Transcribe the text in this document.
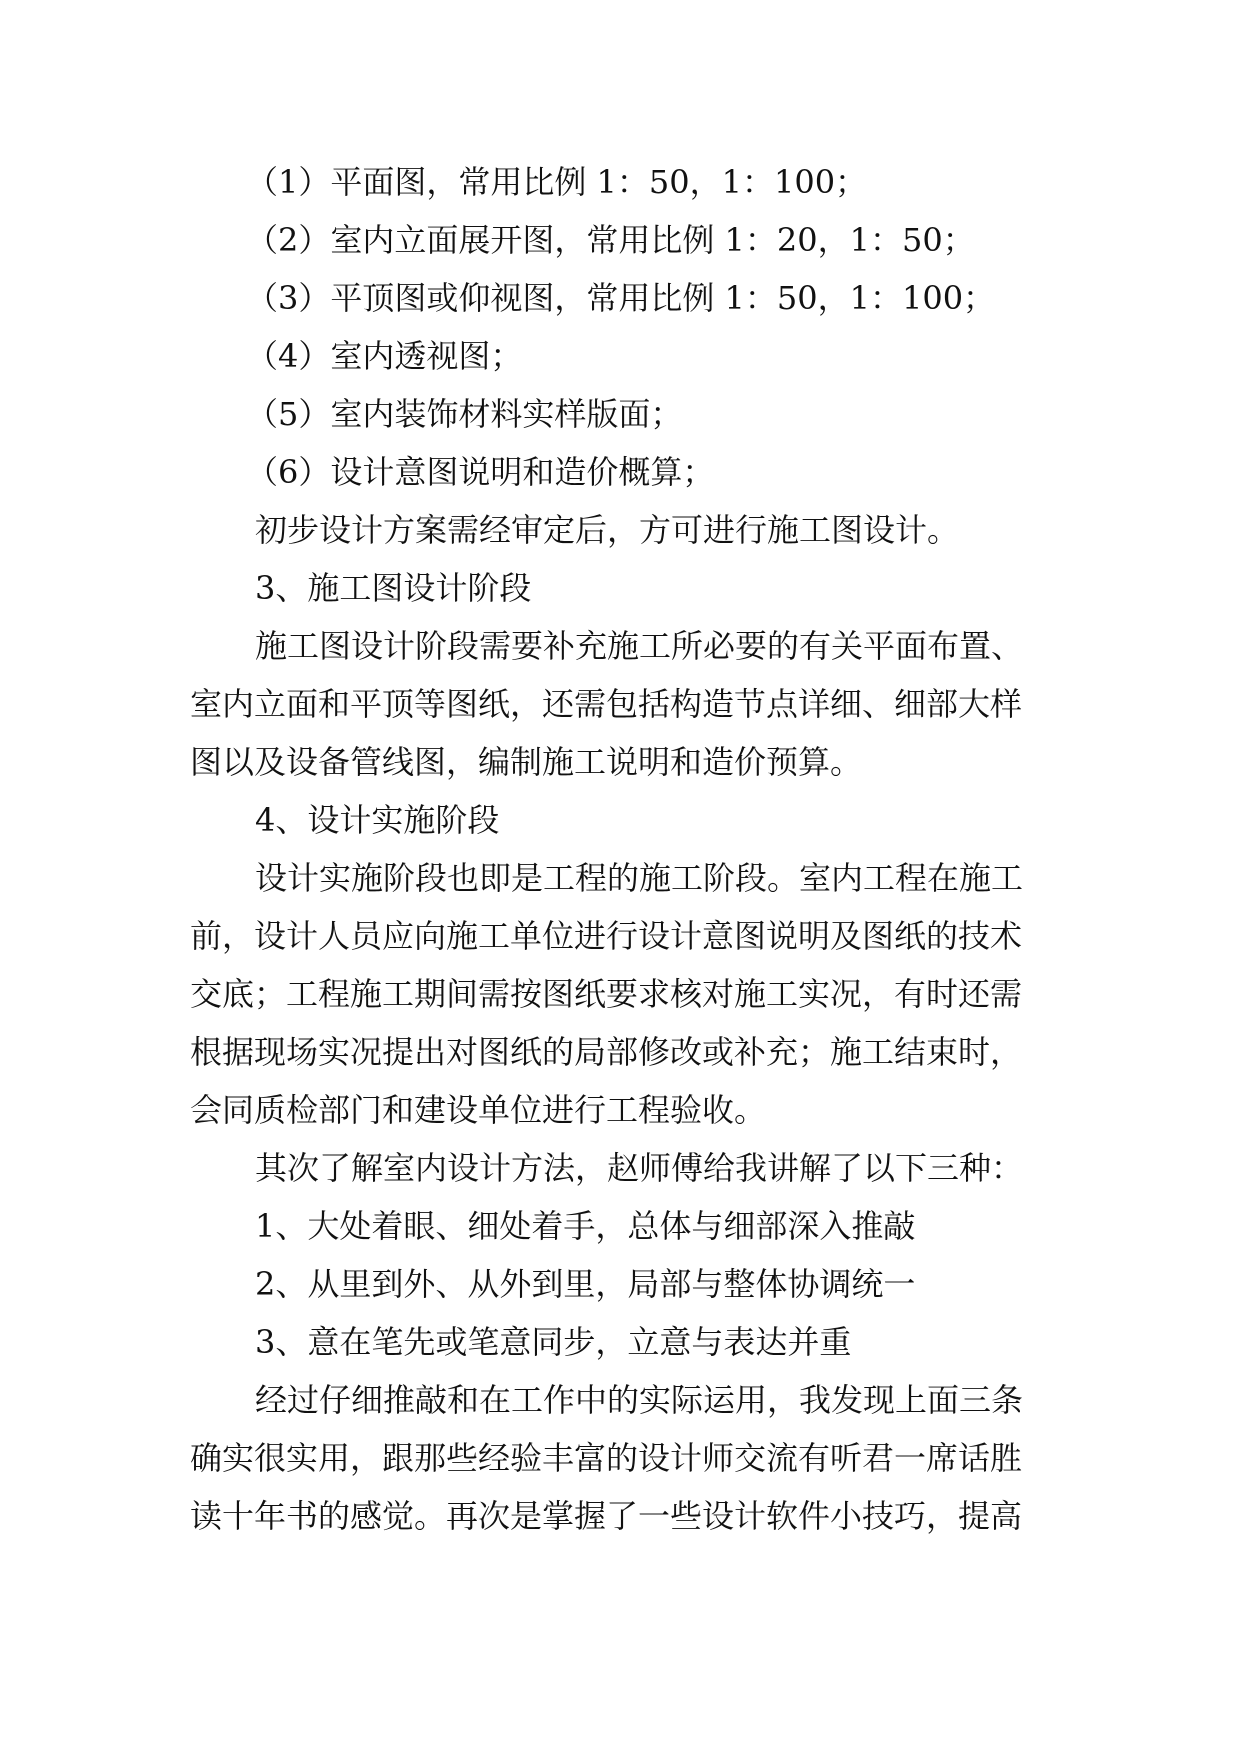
（1）平面图，常用比例 1：50，1：100；
（2）室内立面展开图，常用比例 1：20，1：50；
（3）平顶图或仰视图，常用比例 1：50，1：100；
（4）室内透视图；
（5）室内装饰材料实样版面；
（6）设计意图说明和造价概算；
初步设计方案需经审定后，方可进行施工图设计。
3、施工图设计阶段
施工图设计阶段需要补充施工所必要的有关平面布置、
室内立面和平顶等图纸，还需包括构造节点详细、细部大样
图以及设备管线图，编制施工说明和造价预算。
4、设计实施阶段
设计实施阶段也即是工程的施工阶段。室内工程在施工
前，设计人员应向施工单位进行设计意图说明及图纸的技术
交底；工程施工期间需按图纸要求核对施工实况，有时还需
根据现场实况提出对图纸的局部修改或补充；施工结束时，
会同质检部门和建设单位进行工程验收。
其次了解室内设计方法，赵师傅给我讲解了以下三种：
1、大处着眼、细处着手，总体与细部深入推敲
2、从里到外、从外到里，局部与整体协调统一
3、意在笔先或笔意同步，立意与表达并重
经过仔细推敲和在工作中的实际运用，我发现上面三条
确实很实用，跟那些经验丰富的设计师交流有听君一席话胜
读十年书的感觉。再次是掌握了一些设计软件小技巧，提高
